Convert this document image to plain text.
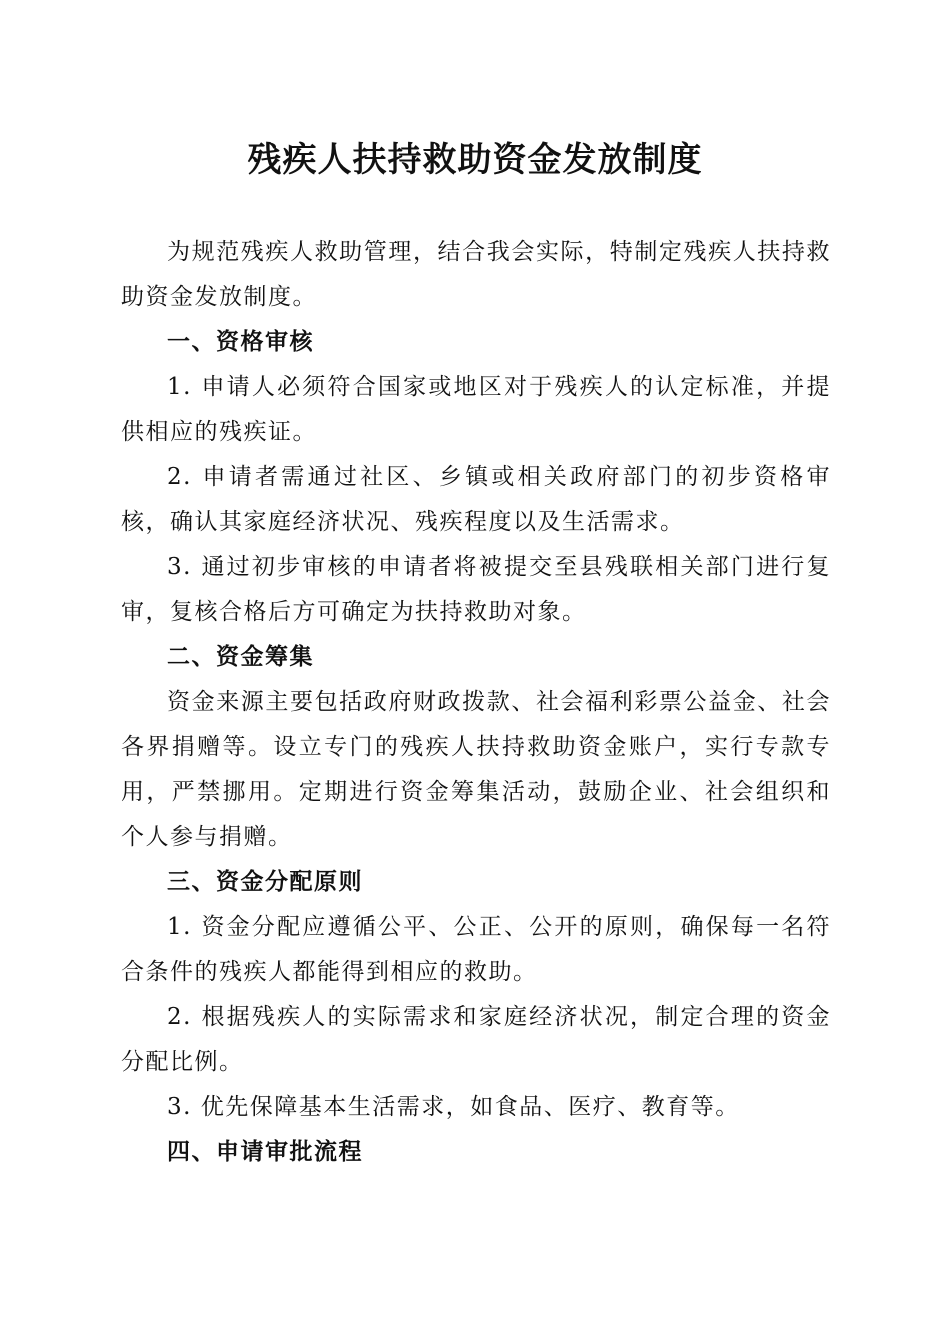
残疾人扶持救助资金发放制度

为规范残疾人救助管理，结合我会实际，特制定残疾人扶持救助资金发放制度。

一、资格审核

1. 申请人必须符合国家或地区对于残疾人的认定标准，并提供相应的残疾证。

2. 申请者需通过社区、乡镇或相关政府部门的初步资格审核，确认其家庭经济状况、残疾程度以及生活需求。

3. 通过初步审核的申请者将被提交至县残联相关部门进行复审，复核合格后方可确定为扶持救助对象。

二、资金筹集

资金来源主要包括政府财政拨款、社会福利彩票公益金、社会各界捐赠等。设立专门的残疾人扶持救助资金账户，实行专款专用，严禁挪用。定期进行资金筹集活动，鼓励企业、社会组织和个人参与捐赠。

三、资金分配原则

1. 资金分配应遵循公平、公正、公开的原则，确保每一名符合条件的残疾人都能得到相应的救助。

2. 根据残疾人的实际需求和家庭经济状况，制定合理的资金分配比例。

3. 优先保障基本生活需求，如食品、医疗、教育等。

四、申请审批流程
